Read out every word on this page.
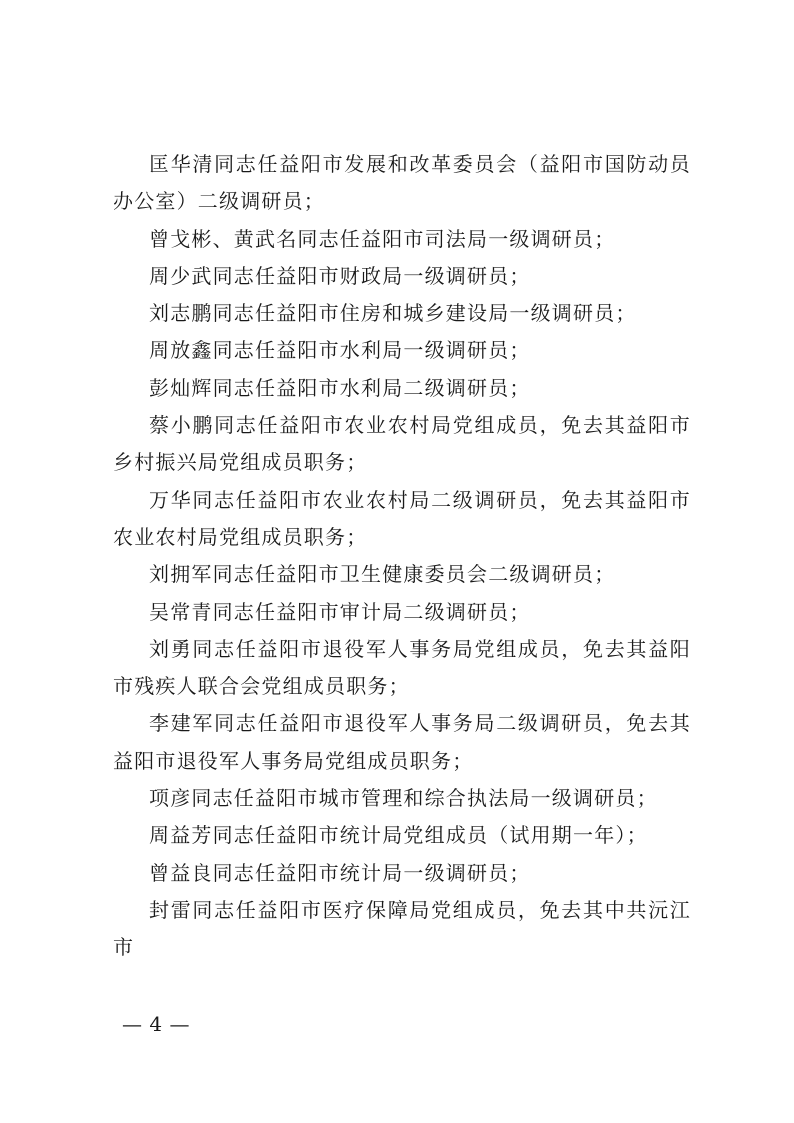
匡华清同志任益阳市发展和改革委员会（益阳市国防动员办公室）二级调研员；

曾戈彬、黄武名同志任益阳市司法局一级调研员；

周少武同志任益阳市财政局一级调研员；

刘志鹏同志任益阳市住房和城乡建设局一级调研员；

周放鑫同志任益阳市水利局一级调研员；

彭灿辉同志任益阳市水利局二级调研员；

蔡小鹏同志任益阳市农业农村局党组成员，免去其益阳市乡村振兴局党组成员职务；

万华同志任益阳市农业农村局二级调研员，免去其益阳市农业农村局党组成员职务；

刘拥军同志任益阳市卫生健康委员会二级调研员；

吴常青同志任益阳市审计局二级调研员；

刘勇同志任益阳市退役军人事务局党组成员，免去其益阳市残疾人联合会党组成员职务；

李建军同志任益阳市退役军人事务局二级调研员，免去其益阳市退役军人事务局党组成员职务；

项彦同志任益阳市城市管理和综合执法局一级调研员；

周益芳同志任益阳市统计局党组成员（试用期一年）；

曾益良同志任益阳市统计局一级调研员；

封雷同志任益阳市医疗保障局党组成员，免去其中共沅江市

— 4 —
